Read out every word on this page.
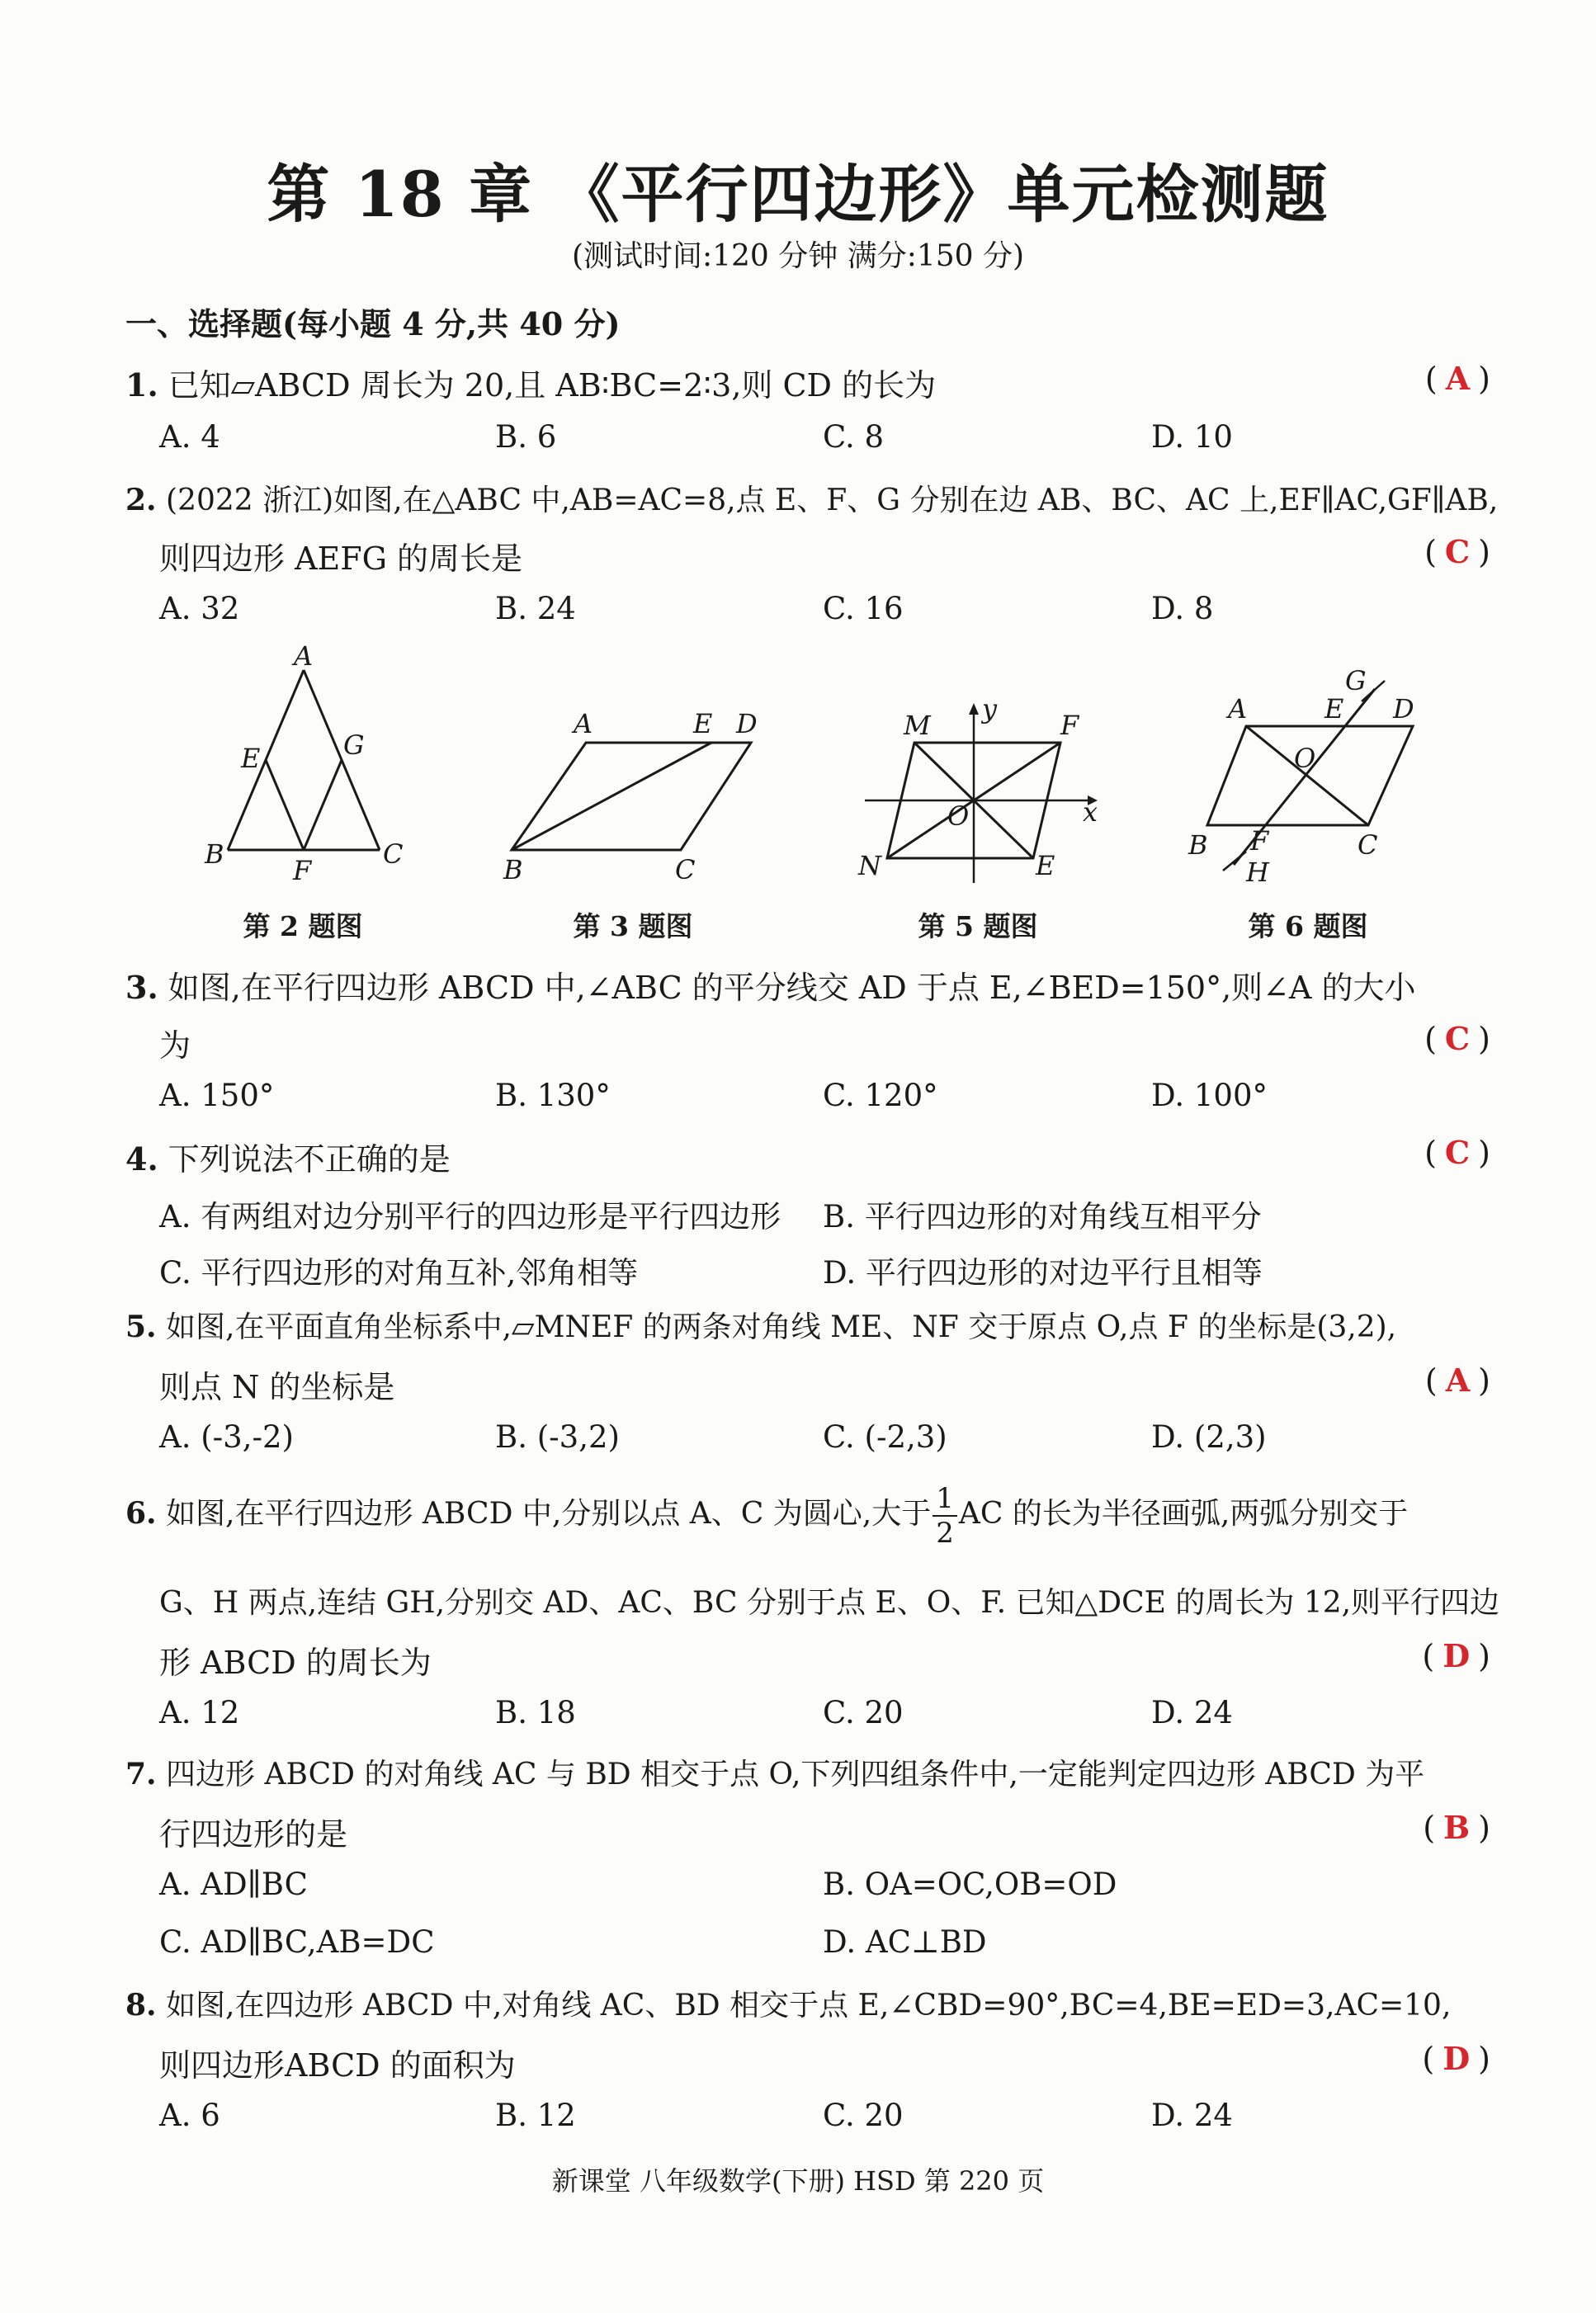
第 18 章 《平行四边形》单元检测题
(测试时间:120 分钟 满分:150 分)
一、选择题(每小题 4 分,共 40 分)
1. 已知▱ABCD 周长为 20,且 AB∶BC=2∶3,则 CD 的长为	( A )
A. 4	B. 6	C. 8	D. 10
2. (2022 浙江)如图,在△ABC 中,AB=AC=8,点 E、F、G 分别在边 AB、BC、AC 上,EF∥AC,GF∥AB,
则四边形 AEFG 的周长是	( C )
A. 32	B. 24	C. 16	D. 8
A
E	G
B
F
C
第 2 题图
A	E D
B	C
第 3 题图
M
y
F
O	x
N	E
第 5 题图
G
A	E D
O
B F	C
H
第 6 题图
3. 如图,在平行四边形 ABCD 中,∠ABC 的平分线交 AD 于点 E,∠BED=150°,则∠A 的大小
为	( C )
A. 150°	B. 130°	C. 120°	D. 100°
4. 下列说法不正确的是	( C )
A. 有两组对边分别平行的四边形是平行四边形 B. 平行四边形的对角线互相平分
C. 平行四边形的对角互补,邻角相等	D. 平行四边形的对边平行且相等
5. 如图,在平面直角坐标系中,▱MNEF 的两条对角线 ME、NF 交于原点 O,点 F 的坐标是(3,2),
则点 N 的坐标是	( A )
A. (-3,-2)	B. (-3,2)	C. (-2,3)	D. (2,3)
6. 如图,在平行四边形 ABCD 中,分别以点 A、C 为圆心,大于 $\frac{1}{2}$ AC 的长为半径画弧,两弧分别交于
G、H 两点,连结 GH,分别交 AD、AC、BC 分别于点 E、O、F. 已知△DCE 的周长为 12,则平行四边
形 ABCD 的周长为	( D )
A. 12	B. 18	C. 20	D. 24
7. 四边形 ABCD 的对角线 AC 与 BD 相交于点 O,下列四组条件中,一定能判定四边形 ABCD 为平
行四边形的是	( B )
A. AD∥BC	B. OA=OC,OB=OD
C. AD∥BC,AB=DC	D. AC⊥BD
8. 如图,在四边形 ABCD 中,对角线 AC、BD 相交于点 E,∠CBD=90°,BC=4,BE=ED=3,AC=10,
则四边形ABCD 的面积为	( D )
A. 6	B. 12	C. 20	D. 24
新课堂 八年级数学(下册) HSD 第 220 页
